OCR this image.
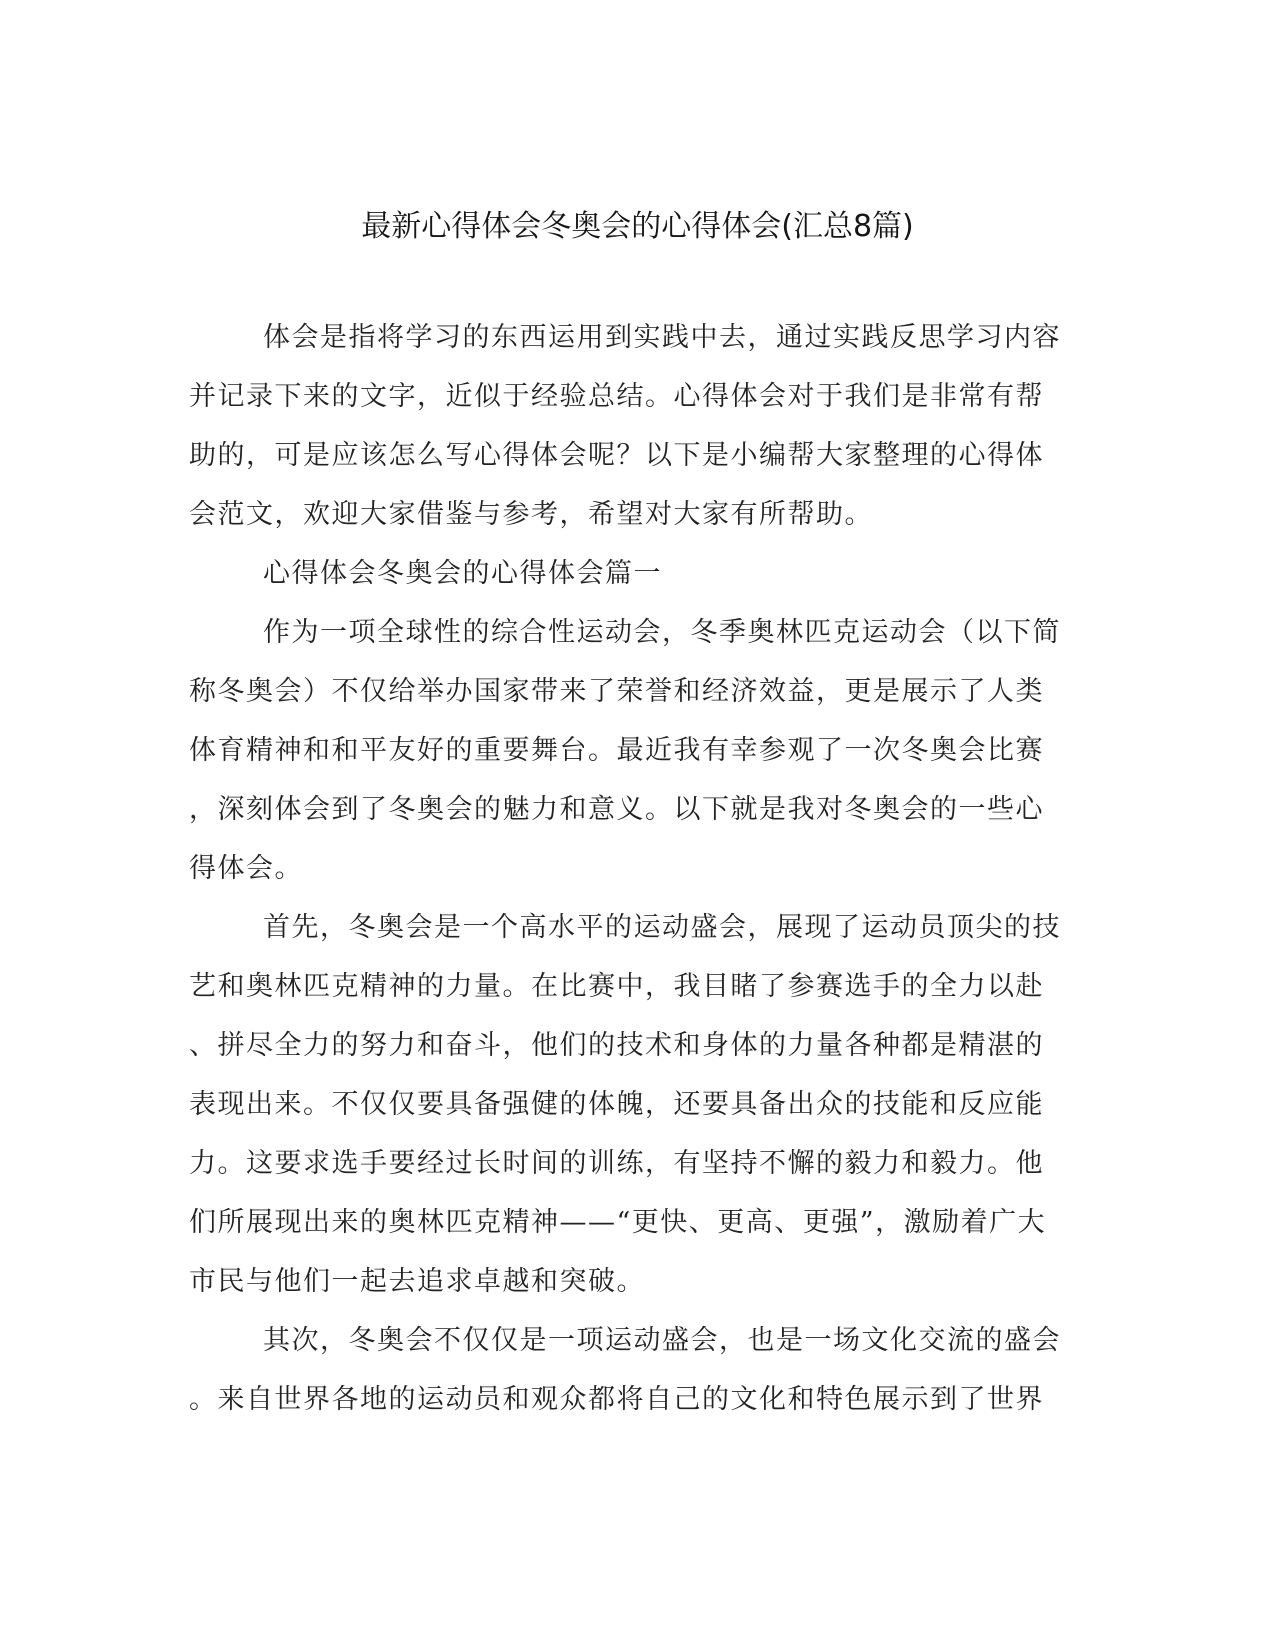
最新心得体会冬奥会的心得体会(汇总8篇)
体会是指将学习的东西运用到实践中去，通过实践反思学习内容
并记录下来的文字，近似于经验总结。心得体会对于我们是非常有帮
助的，可是应该怎么写心得体会呢？以下是小编帮大家整理的心得体
会范文，欢迎大家借鉴与参考，希望对大家有所帮助。
心得体会冬奥会的心得体会篇一
作为一项全球性的综合性运动会，冬季奥林匹克运动会（以下简
称冬奥会）不仅给举办国家带来了荣誉和经济效益，更是展示了人类
体育精神和和平友好的重要舞台。最近我有幸参观了一次冬奥会比赛
，深刻体会到了冬奥会的魅力和意义。以下就是我对冬奥会的一些心
得体会。
首先，冬奥会是一个高水平的运动盛会，展现了运动员顶尖的技
艺和奥林匹克精神的力量。在比赛中，我目睹了参赛选手的全力以赴
、拼尽全力的努力和奋斗，他们的技术和身体的力量各种都是精湛的
表现出来。不仅仅要具备强健的体魄，还要具备出众的技能和反应能
力。这要求选手要经过长时间的训练，有坚持不懈的毅力和毅力。他
们所展现出来的奥林匹克精神——“更快、更高、更强”，激励着广大
市民与他们一起去追求卓越和突破。
其次，冬奥会不仅仅是一项运动盛会，也是一场文化交流的盛会
。来自世界各地的运动员和观众都将自己的文化和特色展示到了世界
